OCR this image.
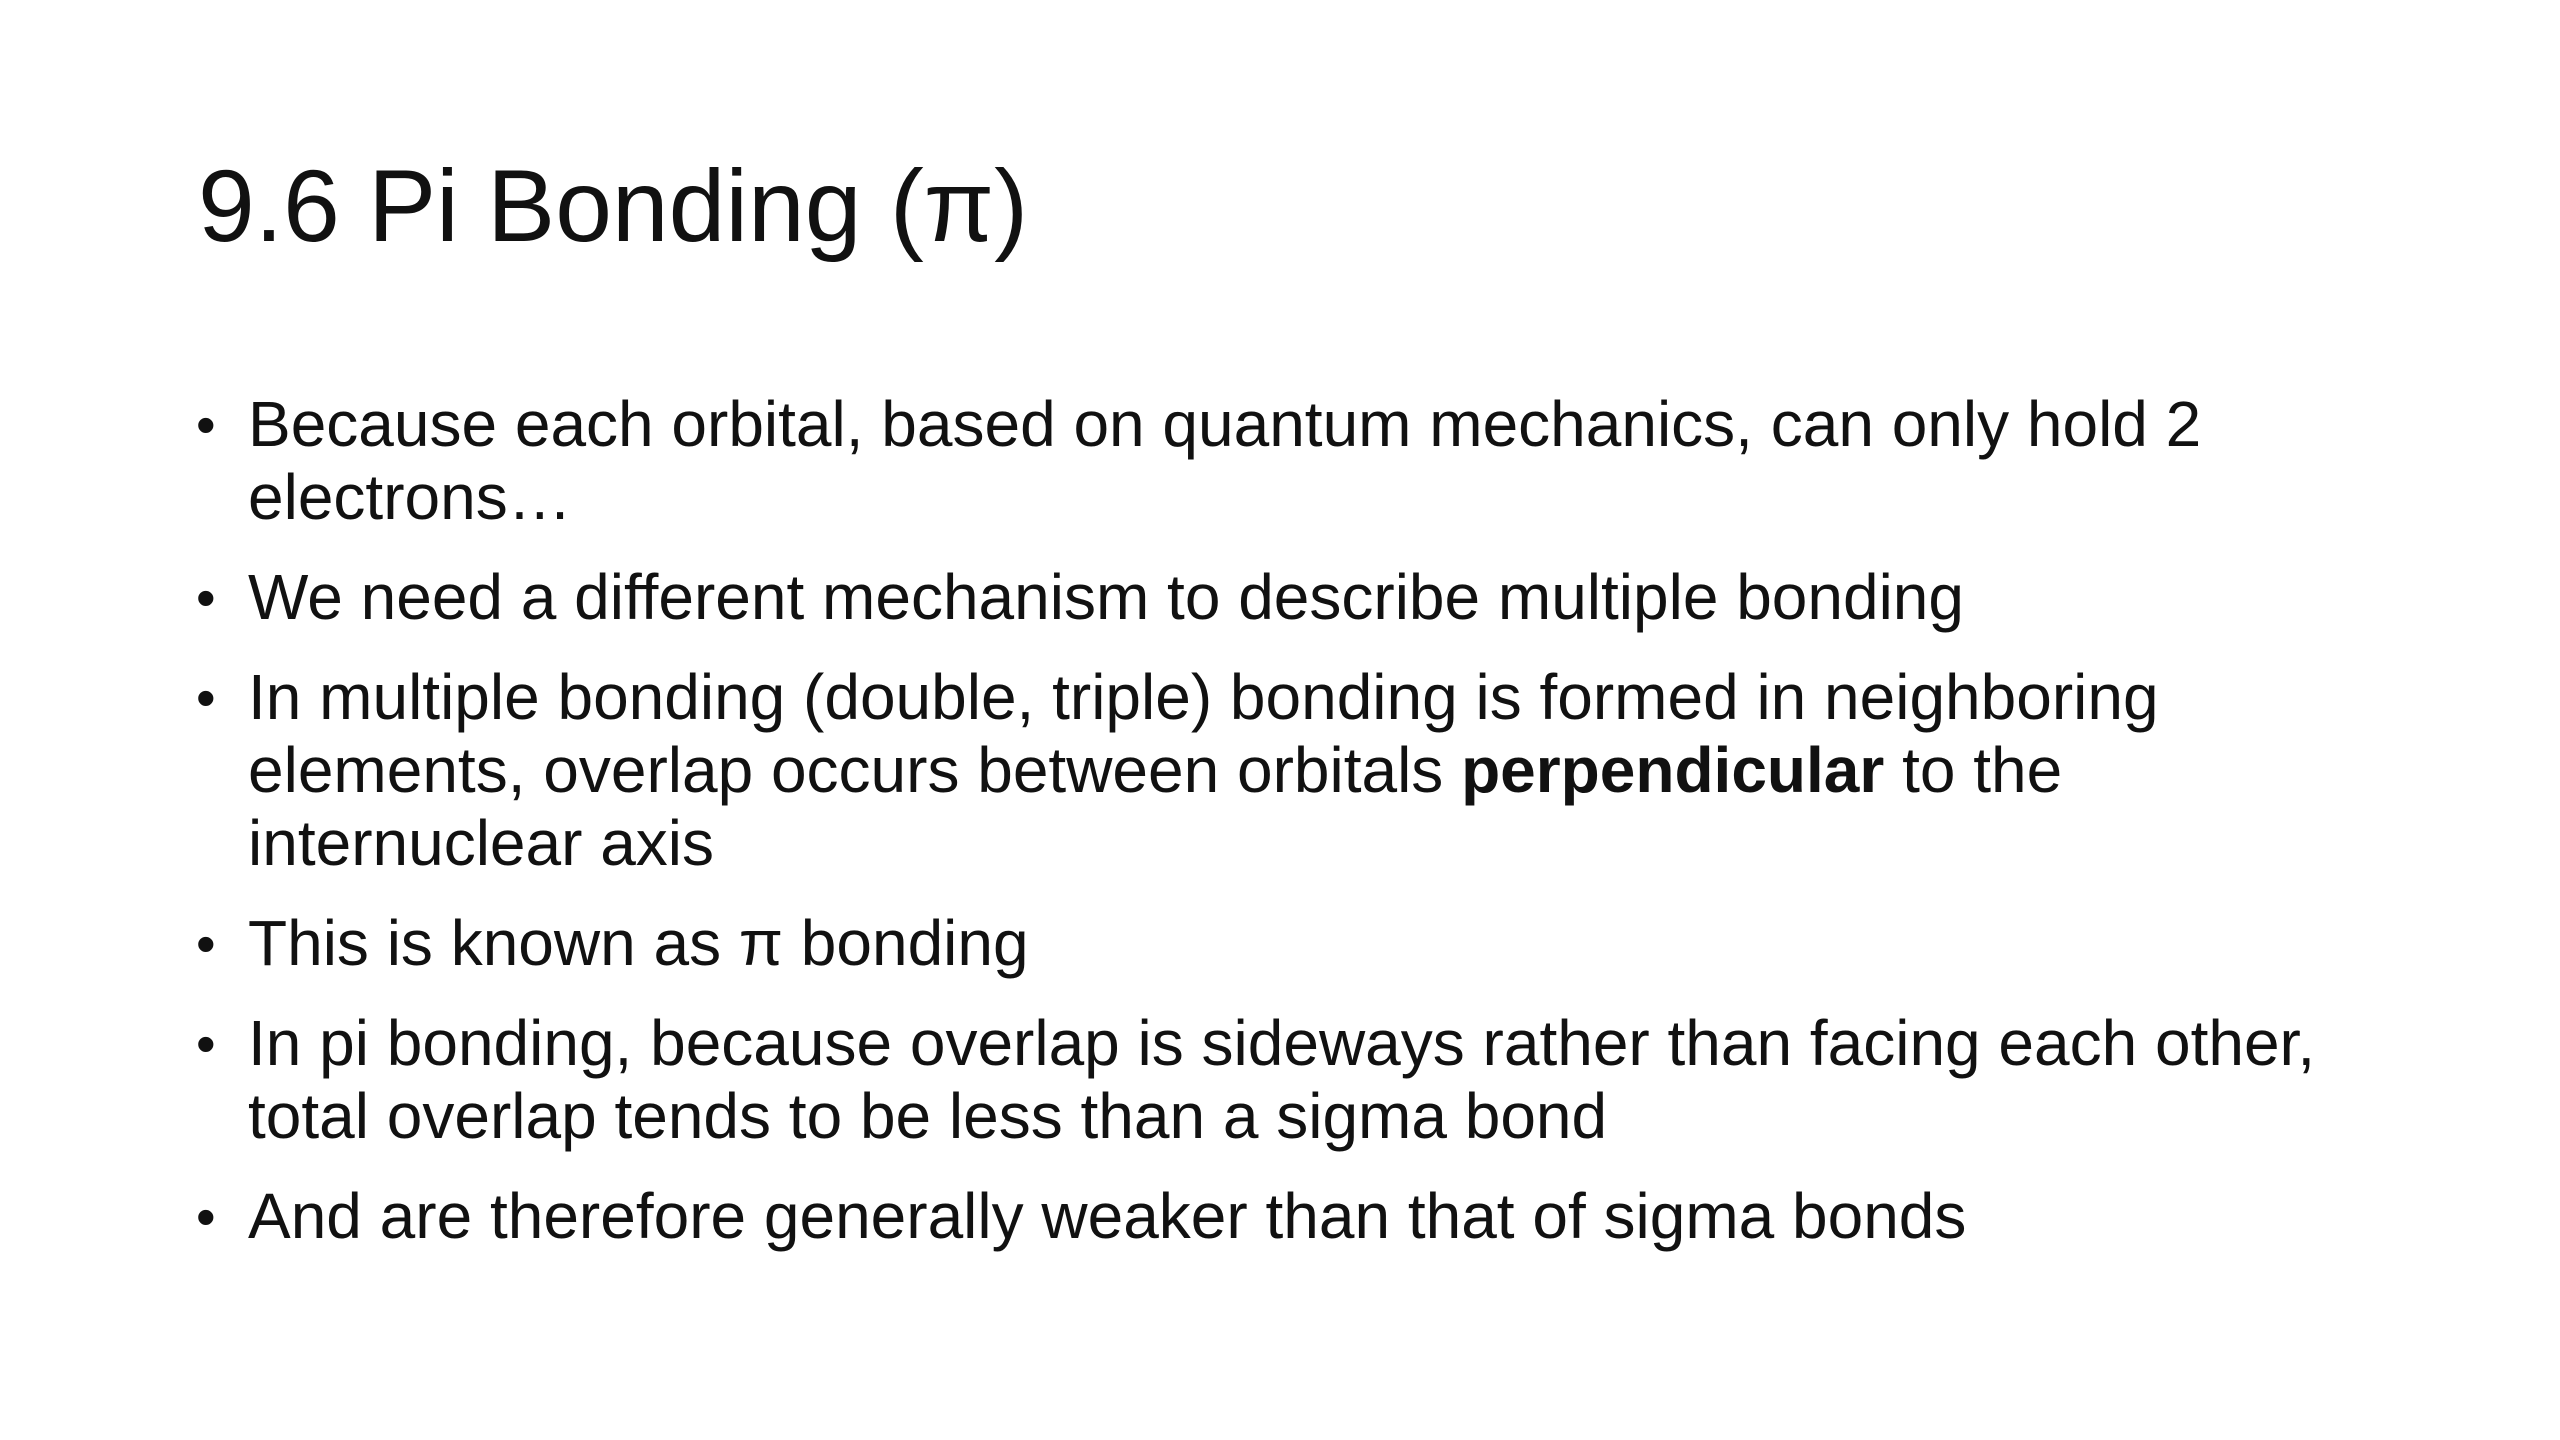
9.6 Pi Bonding (π)
• Because each orbital, based on quantum mechanics, can only hold 2 electrons…
• We need a different mechanism to describe multiple bonding
• In multiple bonding (double, triple) bonding is formed in neighboring elements, overlap occurs between orbitals perpendicular to the internuclear axis
• This is known as π bonding
• In pi bonding, because overlap is sideways rather than facing each other, total overlap tends to be less than a sigma bond
• And are therefore generally weaker than that of sigma bonds
